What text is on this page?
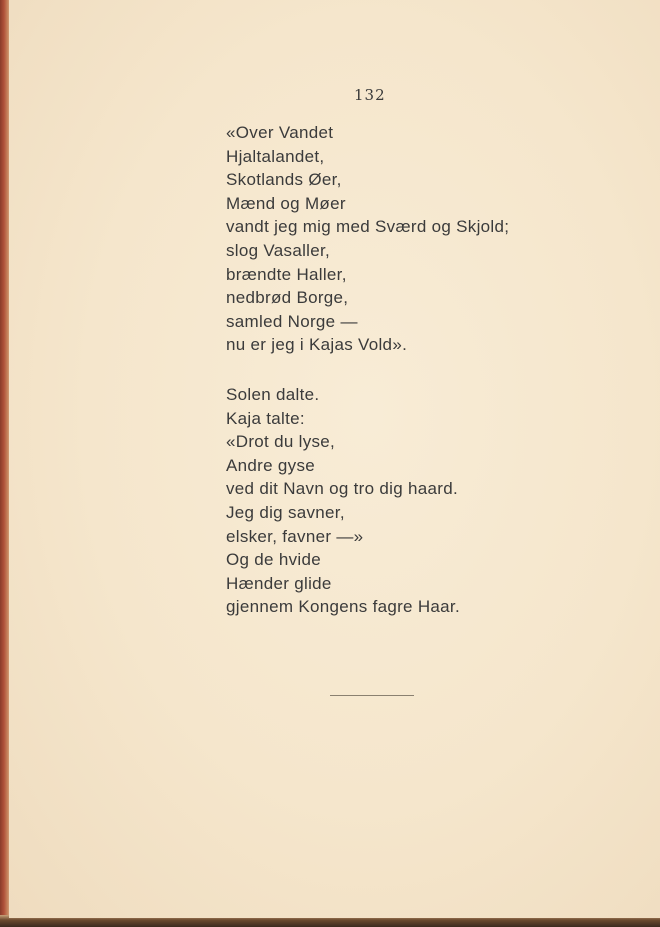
132
«Over Vandet
Hjaltalandet,
Skotlands Øer,
Mænd og Møer
vandt jeg mig med Sværd og Skjold;
slog Vasaller,
brændte Haller,
nedbrød Borge,
samled Norge —
nu er jeg i Kajas Vold».
Solen dalte.
Kaja talte:
«Drot du lyse,
Andre gyse
ved dit Navn og tro dig haard.
Jeg dig savner,
elsker, favner —»
Og de hvide
Hænder glide
gjennem Kongens fagre Haar.
